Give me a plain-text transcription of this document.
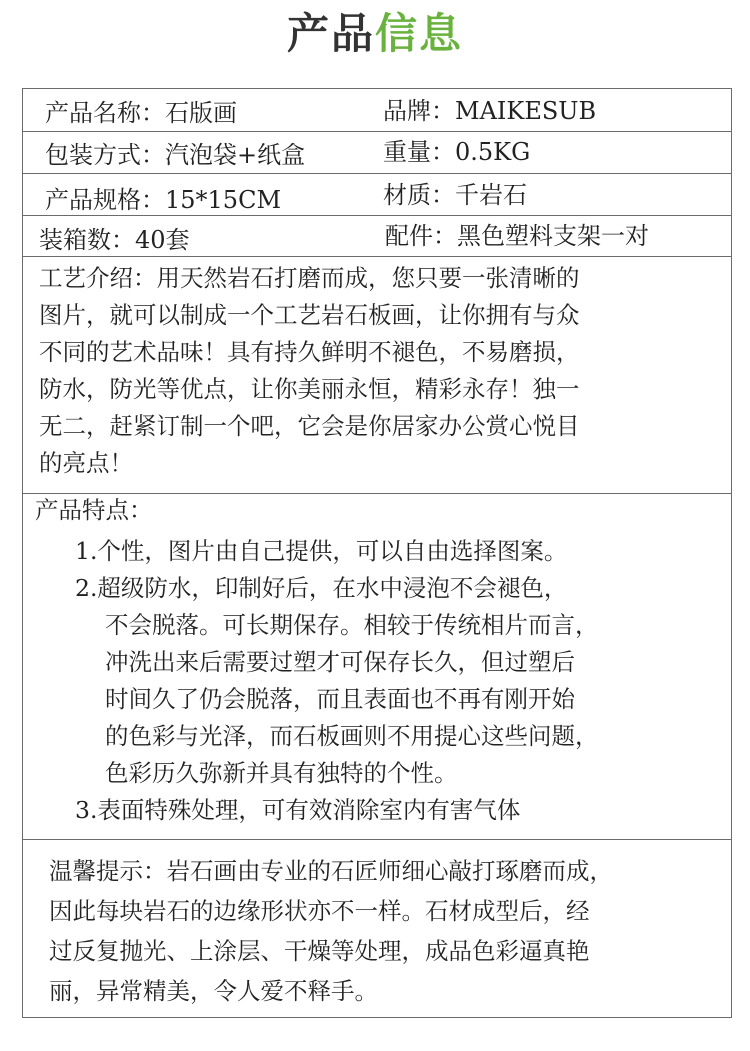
产品信息
产品名称：石版画	品牌：MAIKESUB
包装方式：汽泡袋+纸盒	重量：0.5KG
产品规格：15*15CM	材质：千岩石
装箱数：40套	配件：黑色塑料支架一对
工艺介绍：用天然岩石打磨而成，您只要一张清晰的
图片，就可以制成一个工艺岩石板画，让你拥有与众
不同的艺术品味！具有持久鲜明不褪色，不易磨损，
防水，防光等优点，让你美丽永恒，精彩永存！独一
无二，赶紧订制一个吧，它会是你居家办公赏心悦目
的亮点！
产品特点：
1.个性，图片由自己提供，可以自由选择图案。
2.超级防水，印制好后，在水中浸泡不会褪色，
不会脱落。可长期保存。相较于传统相片而言，
冲洗出来后需要过塑才可保存长久，但过塑后
时间久了仍会脱落，而且表面也不再有刚开始
的色彩与光泽，而石板画则不用提心这些问题，
色彩历久弥新并具有独特的个性。
3.表面特殊处理，可有效消除室内有害气体
温馨提示：岩石画由专业的石匠师细心敲打琢磨而成，
因此每块岩石的边缘形状亦不一样。石材成型后，经
过反复抛光、上涂层、干燥等处理，成品色彩逼真艳
丽，异常精美，令人爱不释手。
